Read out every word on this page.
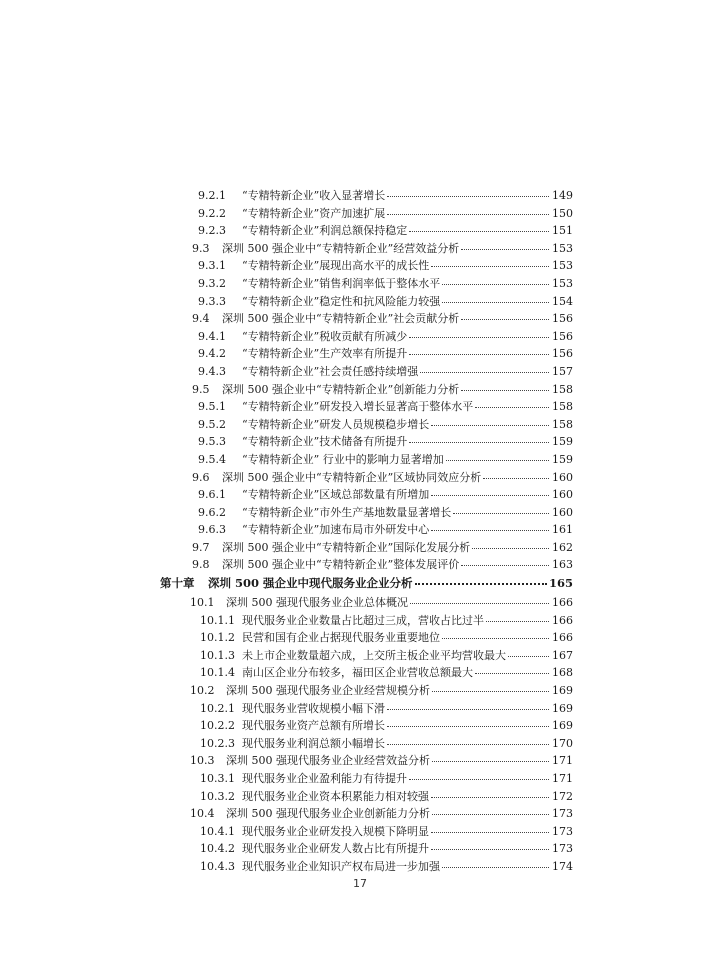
9.2.1	“专精特新企业”收入显著增长	149
9.2.2	“专精特新企业”资产加速扩展	150
9.2.3	“专精特新企业”利润总额保持稳定	151
9.3	深圳 500 强企业中“专精特新企业”经营效益分析	153
9.3.1	“专精特新企业”展现出高水平的成长性	153
9.3.2	“专精特新企业”销售利润率低于整体水平	153
9.3.3	“专精特新企业”稳定性和抗风险能力较强	154
9.4	深圳 500 强企业中“专精特新企业”社会贡献分析	156
9.4.1	“专精特新企业”税收贡献有所减少	156
9.4.2	“专精特新企业”生产效率有所提升	156
9.4.3	“专精特新企业”社会责任感持续增强	157
9.5	深圳 500 强企业中“专精特新企业”创新能力分析	158
9.5.1	“专精特新企业”研发投入增长显著高于整体水平	158
9.5.2	“专精特新企业”研发人员规模稳步增长	158
9.5.3	“专精特新企业”技术储备有所提升	159
9.5.4	“专精特新企业” 行业中的影响力显著增加	159
9.6	深圳 500 强企业中“专精特新企业”区域协同效应分析	160
9.6.1	“专精特新企业”区域总部数量有所增加	160
9.6.2	“专精特新企业”市外生产基地数量显著增长	160
9.6.3	“专精特新企业”加速布局市外研发中心	161
9.7	深圳 500 强企业中“专精特新企业”国际化发展分析	162
9.8	深圳 500 强企业中“专精特新企业”整体发展评价	163
第十章	深圳 500 强企业中现代服务业企业分析	165
10.1	深圳 500 强现代服务业企业总体概况	166
10.1.1 现代服务业企业数量占比超过三成，营收占比过半	166
10.1.2 民营和国有企业占据现代服务业重要地位	166
10.1.3 未上市企业数量超六成，上交所主板企业平均营收最大	167
10.1.4 南山区企业分布较多，福田区企业营收总额最大	168
10.2	深圳 500 强现代服务业企业经营规模分析	169
10.2.1 现代服务业营收规模小幅下滑	169
10.2.2 现代服务业资产总额有所增长	169
10.2.3 现代服务业利润总额小幅增长	170
10.3	深圳 500 强现代服务业企业经营效益分析	171
10.3.1 现代服务业企业盈利能力有待提升	171
10.3.2 现代服务业企业资本积累能力相对较强	172
10.4	深圳 500 强现代服务业企业创新能力分析	173
10.4.1 现代服务业企业研发投入规模下降明显	173
10.4.2 现代服务业企业研发人数占比有所提升	173
10.4.3 现代服务业企业知识产权布局进一步加强	174
17
